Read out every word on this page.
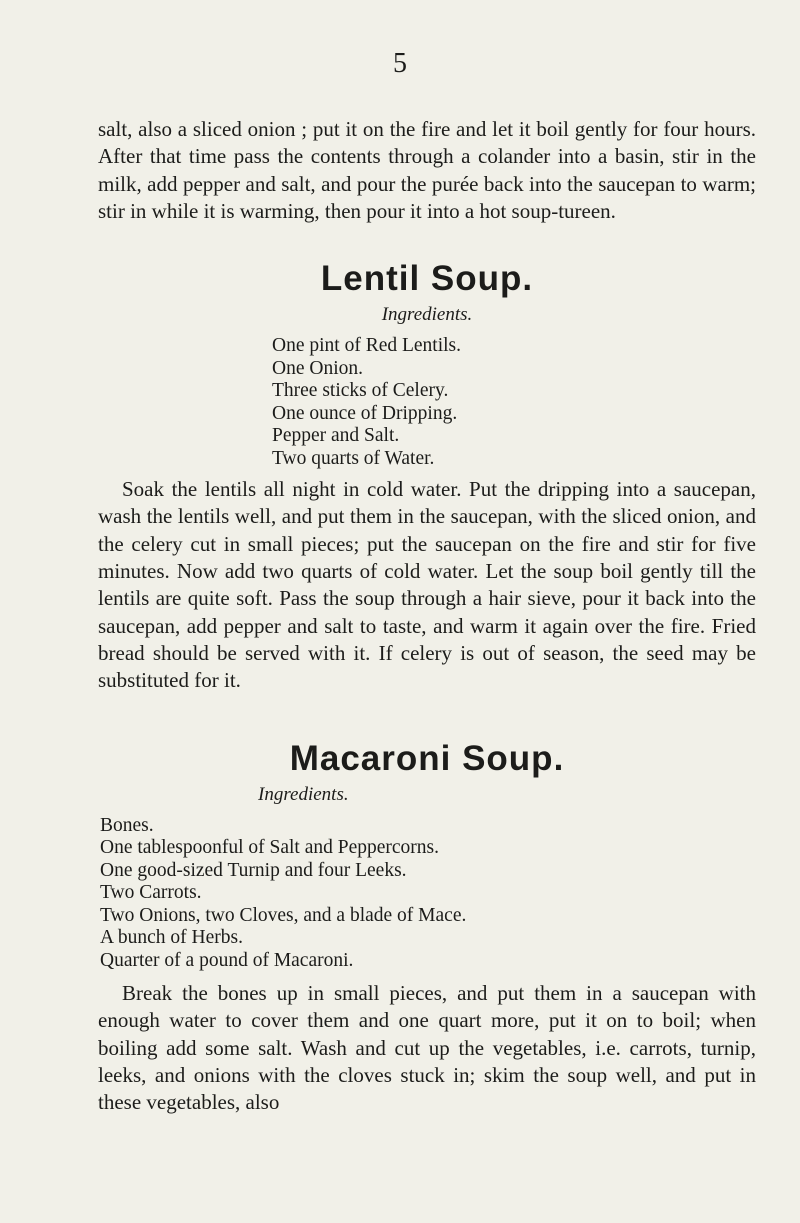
5

salt, also a sliced onion ; put it on the fire and let it boil gently for four hours. After that time pass the contents through a colander into a basin, stir in the milk, add pepper and salt, and pour the purée back into the saucepan to warm; stir in while it is warming, then pour it into a hot soup-tureen.

Lentil Soup.
Ingredients.
One pint of Red Lentils.
One Onion.
Three sticks of Celery.
One ounce of Dripping.
Pepper and Salt.
Two quarts of Water.

Soak the lentils all night in cold water. Put the dripping into a saucepan, wash the lentils well, and put them in the saucepan, with the sliced onion, and the celery cut in small pieces; put the saucepan on the fire and stir for five minutes. Now add two quarts of cold water. Let the soup boil gently till the lentils are quite soft. Pass the soup through a hair sieve, pour it back into the saucepan, add pepper and salt to taste, and warm it again over the fire. Fried bread should be served with it. If celery is out of season, the seed may be substituted for it.

Macaroni Soup.
Ingredients.
Bones.
One tablespoonful of Salt and Peppercorns.
One good-sized Turnip and four Leeks.
Two Carrots.
Two Onions, two Cloves, and a blade of Mace.
A bunch of Herbs.
Quarter of a pound of Macaroni.

Break the bones up in small pieces, and put them in a saucepan with enough water to cover them and one quart more, put it on to boil; when boiling add some salt. Wash and cut up the vegetables, i.e. carrots, turnip, leeks, and onions with the cloves stuck in; skim the soup well, and put in these vegetables, also
